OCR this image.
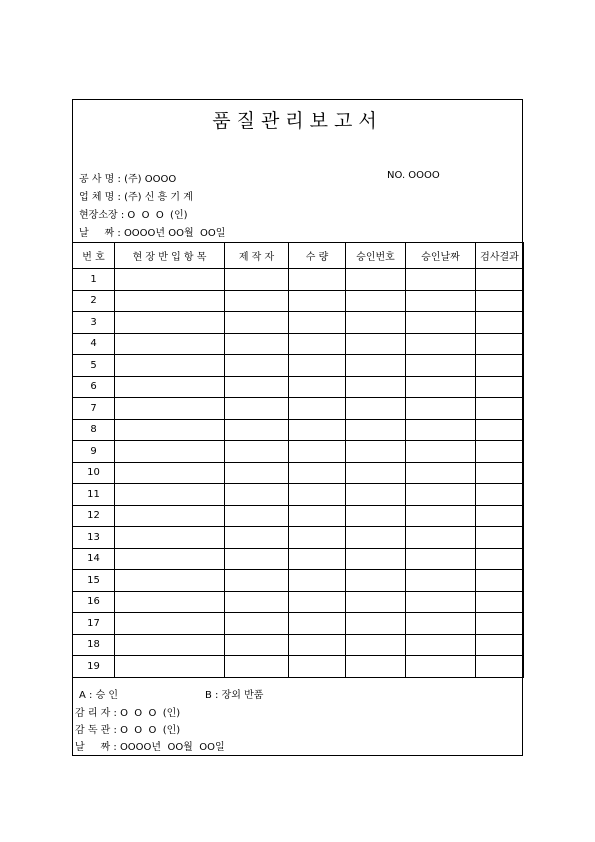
품질관리보고서
공 사 명 : (주) OOOO	NO. OOOO
업 체 명 : (주) 신 흥 기 계
현장소장 : O  O  O  (인)
날     짜 : OOOO년 OO월  OO일
번 호	현 장 반 입 항 목	제 작 자	수 량	승인번호	승인날짜	검사결과
1						
2						
3						
4						
5						
6						
7						
8						
9						
10						
11						
12						
13						
14						
15						
16						
17						
18						
19						
A : 승 인	B : 장외 반품
감 리 자 : O  O  O  (인)
감 독 관 : O  O  O  (인)
날     짜 : OOOO년  OO월  OO일
